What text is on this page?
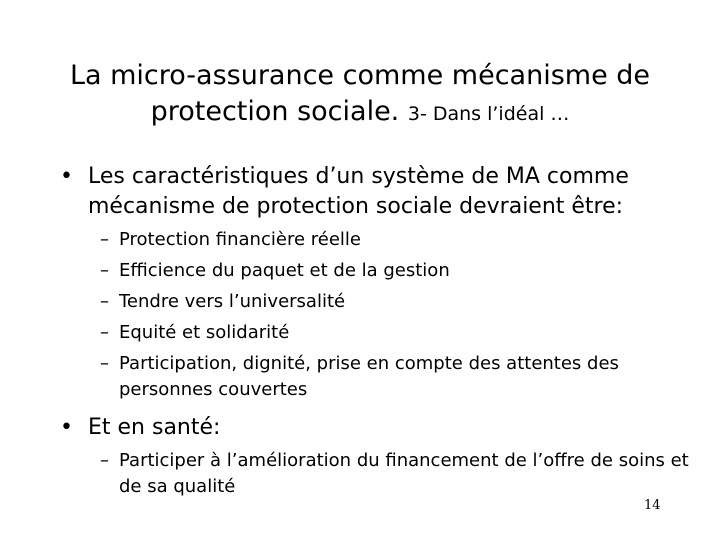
La micro-assurance comme mécanisme de
protection sociale. 3- Dans l’idéal …
• Les caractéristiques d’un système de MA comme mécanisme de protection sociale devraient être:
– Protection financière réelle
– Efficience du paquet et de la gestion
– Tendre vers l’universalité
– Equité et solidarité
– Participation, dignité, prise en compte des attentes des personnes couvertes
• Et en santé:
– Participer à l’amélioration du financement de l’offre de soins et de sa qualité
14
